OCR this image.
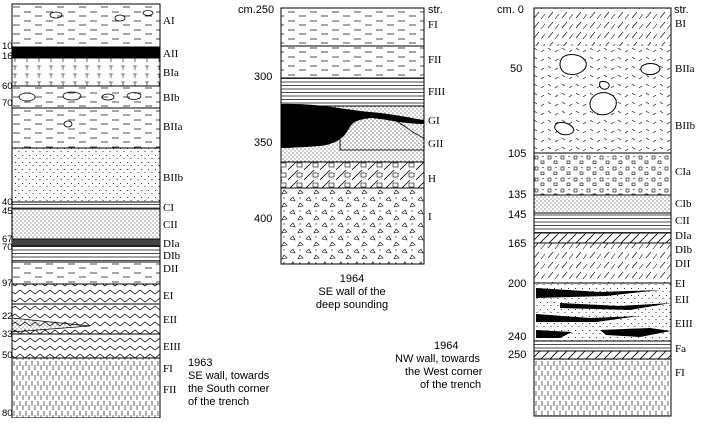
10
16
60
70
40
45
67
70
97
22
33
50
80
AI
AII
BIa
BIb
BIIa
BIIb
CI
CII
DIa
DIb
DII
EI
EII
EIII
FI
FII
1963
SE wall, towards
the South corner
of the trench
cm.250	str.
300
350
400
FI
FII
FIII
GI
GII
H
I
1964
SE wall of the
deep sounding
cm. 0	str.
50
105
135
145
165
200
240
250
BI
BIIa
BIIb
CIa
CIb
CII
DIa
DIb
DII
EI
EII
EIII
Fa
FI
1964
NW wall, towards
the West corner
of the trench
